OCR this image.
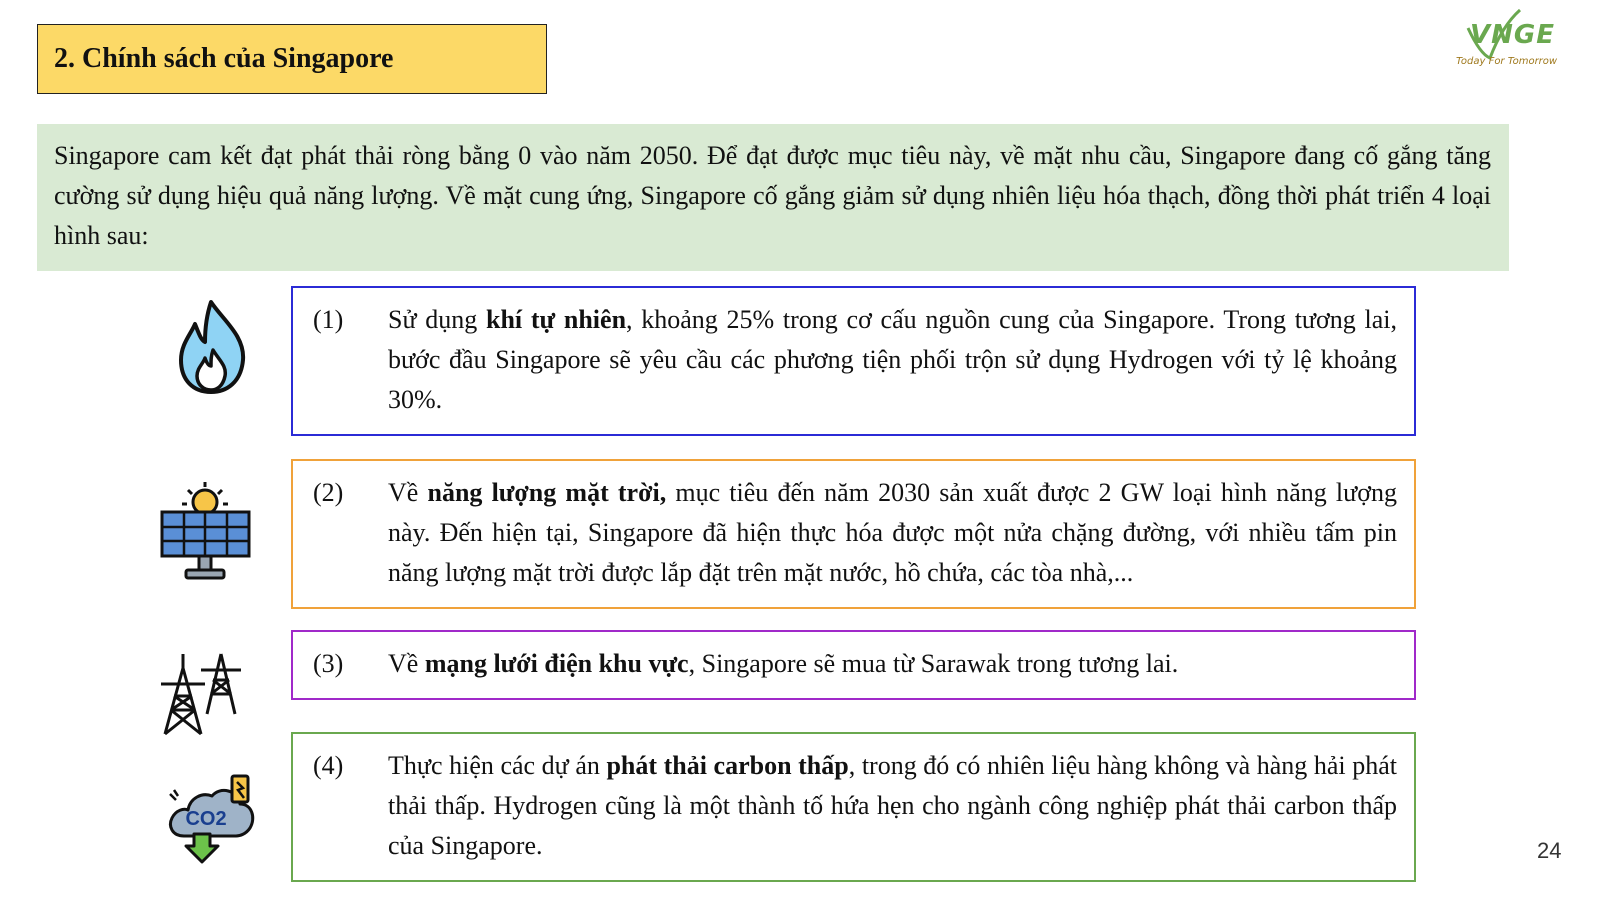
2. Chính sách của Singapore
VNGE
Today For Tomorrow
Singapore cam kết đạt phát thải ròng bằng 0 vào năm 2050. Để đạt được mục tiêu này, về mặt nhu cầu, Singapore đang cố gắng tăng cường sử dụng hiệu quả năng lượng. Về mặt cung ứng, Singapore cố gắng giảm sử dụng nhiên liệu hóa thạch, đồng thời phát triển 4 loại hình sau:
CO2
(1)	Sử dụng khí tự nhiên, khoảng 25% trong cơ cấu nguồn cung của Singapore. Trong tương lai, bước đầu Singapore sẽ yêu cầu các phương tiện phối trộn sử dụng Hydrogen với tỷ lệ khoảng 30%.
(2)	Về năng lượng mặt trời, mục tiêu đến năm 2030 sản xuất được 2 GW loại hình năng lượng này. Đến hiện tại, Singapore đã hiện thực hóa được một nửa chặng đường, với nhiều tấm pin năng lượng mặt trời được lắp đặt trên mặt nước, hồ chứa, các tòa nhà,...
(3)	Về mạng lưới điện khu vực, Singapore sẽ mua từ Sarawak trong tương lai.
(4)	Thực hiện các dự án phát thải carbon thấp, trong đó có nhiên liệu hàng không và hàng hải phát thải thấp. Hydrogen cũng là một thành tố hứa hẹn cho ngành công nghiệp phát thải carbon thấp của Singapore.	24
